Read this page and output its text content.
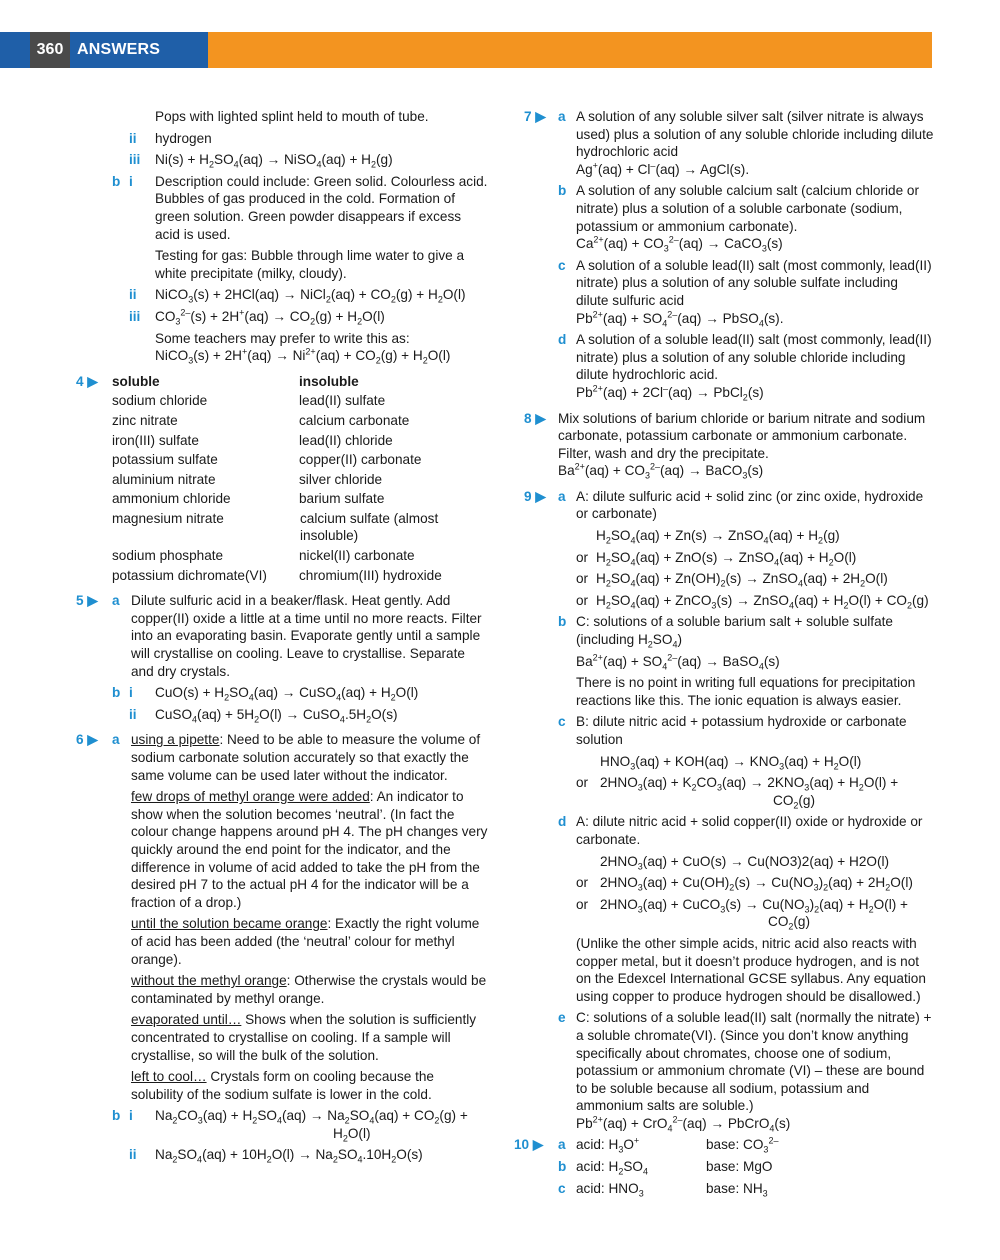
360 ANSWERS
Pops with lighted splint held to mouth of tube.
ii hydrogen
iii $Ni(s) + H_2SO_4(aq)$ → NiSO$_4$(aq) + $H_2(g)$
b i Description could include: Green solid. Colourless acid. Bubbles of gas produced in the cold. Formation of green solution. Green powder disappears if excess acid is used.
Testing for gas: Bubble through lime water to give a white precipitate (milky, cloudy).
ii NiCO$_3$(s) + 2HCl(aq) → NiCl$_2$(aq) + $CO_2(g) + H_2O(l)$
iii $CO_3^{2-}(s) + 2H^+(aq) \to CO_2(g) + H_2O(l)$
Some teachers may prefer to write this as:
NiCO$_3$(s) + $2H^+(aq) \to Ni^{2+}(aq) + CO_2(g) + H_2O(l)$
4 ▶ soluble	insoluble
sodium chloride	lead(II) sulfate
zinc nitrate	calcium carbonate
iron(III) sulfate	lead(II) chloride
potassium sulfate	copper(II) carbonate
aluminium nitrate	silver chloride
ammonium chloride	barium sulfate
magnesium nitrate	calcium sulfate (almost insoluble)
sodium phosphate	nickel(II) carbonate
potassium dichromate(VI)	chromium(III) hydroxide
5 ▶ a Dilute sulfuric acid in a beaker/flask. Heat gently. Add copper(II) oxide a little at a time until no more reacts. Filter into an evaporating basin. Evaporate gently until a sample will crystallise on cooling. Leave to crystallise. Separate and dry crystals.
b i $CuO(s) + H_2SO_4(aq)$ → CuSO$_4$(aq) + $H_2O(l)$
ii CuSO$_4$(aq) + $5H_2O(l)$ → $CuSO_4.5H_2O(s)$
6 ▶ a using a pipette: Need to be able to measure the volume of sodium carbonate solution accurately so that exactly the same volume can be used later without the indicator.
few drops of methyl orange were added: An indicator to show when the solution becomes ‘neutral’. (In fact the colour change happens around pH 4. The pH changes very quickly around the end point for the indicator, and the difference in volume of acid added to take the pH from the desired pH 7 to the actual pH 4 for the indicator will be a fraction of a drop.)
until the solution became orange: Exactly the right volume of acid has been added (the ‘neutral’ colour for methyl orange).
without the methyl orange: Otherwise the crystals would be contaminated by methyl orange.
evaporated until… Shows when the solution is sufficiently concentrated to crystallise on cooling. If a sample will crystallise, so will the bulk of the solution.
left to cool… Crystals form on cooling because the solubility of the sodium sulfate is lower in the cold.
b i $Na_2CO_3(aq) + H_2SO_4(aq) \to Na_2SO_4(aq) + CO_2(g)$ +
$H_2O(l)$
ii $Na_2SO_4(aq) + 10H_2O(l) \to Na_2SO_4.10H_2O(s)$
7 ▶ a A solution of any soluble silver salt (silver nitrate is always used) plus a solution of any soluble chloride including dilute hydrochloric acid
Ag+(aq) + Cl–(aq) → AgCl(s).
b A solution of any soluble calcium salt (calcium chloride or nitrate) plus a solution of a soluble carbonate (sodium, potassium or ammonium carbonate).
$Ca^{2+}(aq) + CO_3^{2-}(aq)$ → CaCO$_3$(s)
c A solution of a soluble lead(II) salt (most commonly, lead(II) nitrate) plus a solution of any soluble sulfate including dilute sulfuric acid
$Pb^{2+}(aq) + SO_4^{2-}(aq)$ → PbSO$_4$(s).
d A solution of a soluble lead(II) salt (most commonly, lead(II) nitrate) plus a solution of any soluble chloride including dilute hydrochloric acid.
$Pb^{2+}(aq) + 2Cl^-(aq)$ → PbCl$_2$(s)
8 ▶ Mix solutions of barium chloride or barium nitrate and sodium carbonate, potassium carbonate or ammonium carbonate. Filter, wash and dry the precipitate.
$Ba^{2+}(aq) + CO_3^{2-}(aq)$ → BaCO$_3$(s)
9 ▶ a A: dilute sulfuric acid + solid zinc (or zinc oxide, hydroxide or carbonate)
$H_2SO_4(aq) + Zn(s)$ → ZnSO$_4$(aq) + $H_2(g)$
or $H_2SO_4(aq) + ZnO(s)$ → ZnSO$_4$(aq) + $H_2O(l)$
or $H_2SO_4(aq) + Zn(OH)_2(s)$ → ZnSO$_4$(aq) + $2H_2O(l)$
or $H_2SO_4(aq)$ + ZnCO$_3$(s) → ZnSO$_4$(aq) + $H_2O(l) + CO_2(g)$
b C: solutions of a soluble barium salt + soluble sulfate (including $H_2SO_4$)
$Ba^{2+}(aq) + SO_4^{2-}(aq)$ → BaSO$_4$(s)
There is no point in writing full equations for precipitation reactions like this. The ionic equation is always easier.
c B: dilute nitric acid + potassium hydroxide or carbonate solution
$HNO_3(aq) + KOH(aq) \to KNO_3(aq) + H_2O(l)$
or $2HNO_3(aq) + K_2CO_3(aq) \to 2KNO_3(aq) + H_2O(l)$ +
$CO_2(g)$
d A: dilute nitric acid + solid copper(II) oxide or hydroxide or carbonate.
$2HNO_3(aq) + CuO(s) \to Cu(NO3)2(aq) + H2O(l)$
or $2HNO_3(aq) + Cu(OH)_2(s) \to Cu(NO_3)_2(aq) + 2H_2O(l)$
or $2HNO_3(aq)$ + CuCO$_3$(s) → $Cu(NO_3)_2(aq) + H_2O(l)$ +
$CO_2(g)$
(Unlike the other simple acids, nitric acid also reacts with copper metal, but it doesn’t produce hydrogen, and is not on the Edexcel International GCSE syllabus. Any equation using copper to produce hydrogen should be disallowed.)
e C: solutions of a soluble lead(II) salt (normally the nitrate) + a soluble chromate(VI). (Since you don’t know anything specifically about chromates, choose one of sodium, potassium or ammonium chromate (VI) – these are bound to be soluble because all sodium, potassium and ammonium salts are soluble.)
$Pb^{2+}(aq) + CrO_4^{2-}(aq)$ → PbCrO$_4$(s)
10 ▶ a acid: $H_3O^+$	base: $CO_3^{2-}$
b acid: $H_2SO_4$	base: MgO
c acid: $HNO_3$	base: $NH_3$
